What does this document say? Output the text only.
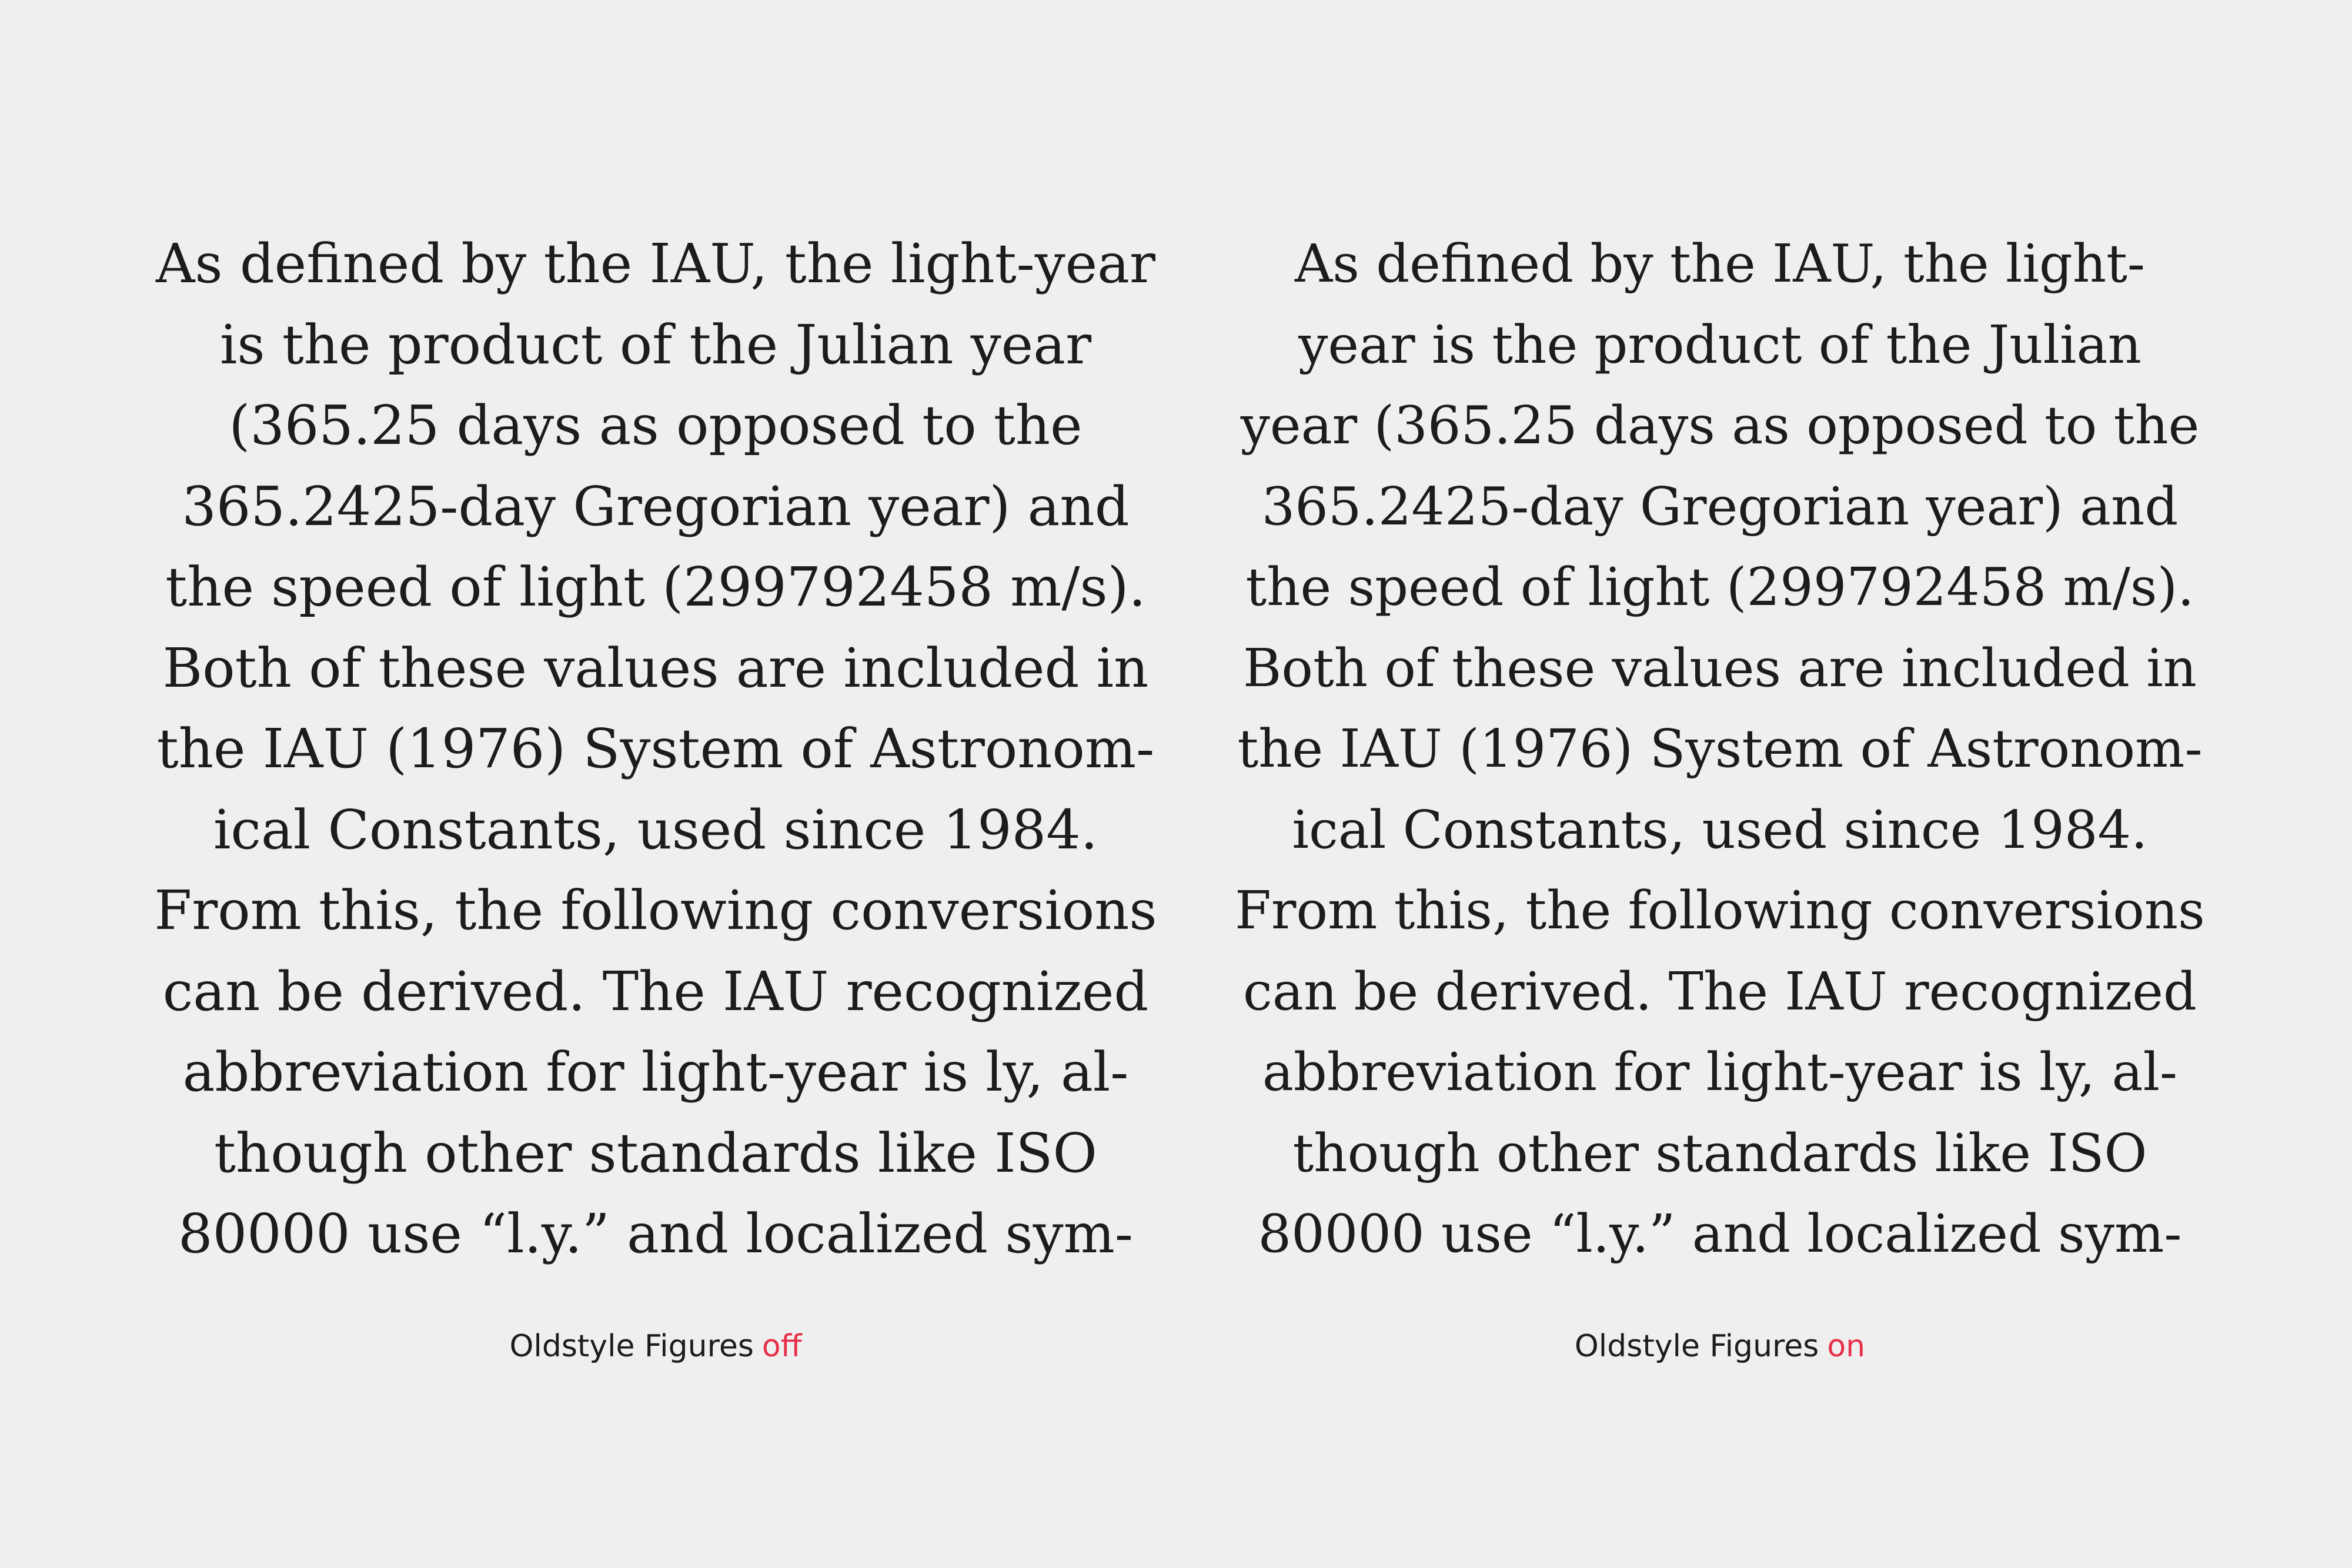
As defined by the IAU, the light-year
is the product of the Julian year
(365.25 days as opposed to the
365.2425-day Gregorian year) and
the speed of light (299792458 m/s).
Both of these values are included in
the IAU (1976) System of Astronom-
ical Constants, used since 1984.
From this, the following conversions
can be derived. The IAU recognized
abbreviation for light-year is ly, al-
though other standards like ISO
80000 use “l.y.” and localized sym-

As defined by the IAU, the light-
year is the product of the Julian
year (365.25 days as opposed to the
365.2425-day Gregorian year) and
the speed of light (299792458 m/s).
Both of these values are included in
the IAU (1976) System of Astronom-
ical Constants, used since 1984.
From this, the following conversions
can be derived. The IAU recognized
abbreviation for light-year is ly, al-
though other standards like ISO
80000 use “l.y.” and localized sym-

Oldstyle Figures off	Oldstyle Figures on
